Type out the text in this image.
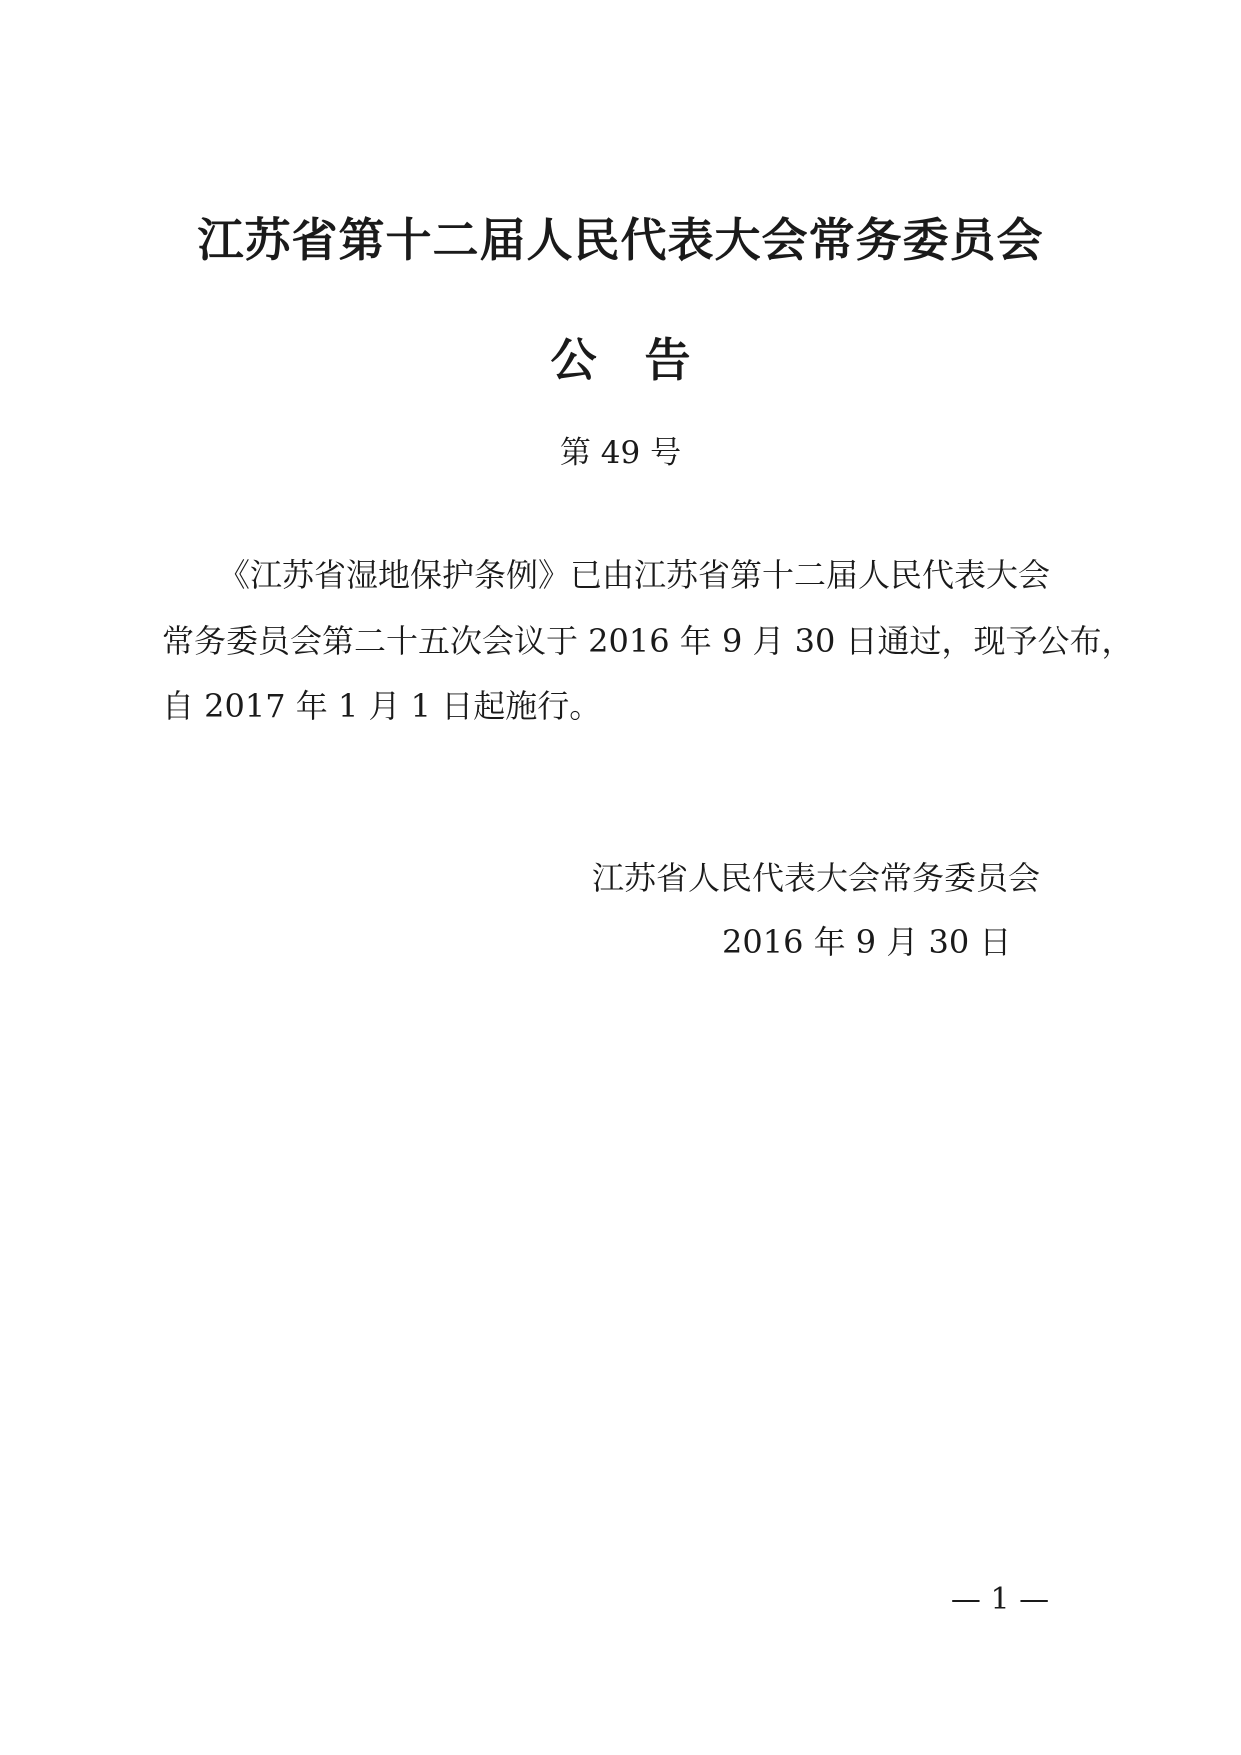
江苏省第十二届人民代表大会常务委员会
公告
第 49 号
《江苏省湿地保护条例》已由江苏省第十二届人民代表大会
常务委员会第二十五次会议于 2016 年 9 月 30 日通过，现予公布，
自 2017 年 1 月 1 日起施行。
江苏省人民代表大会常务委员会
2016 年 9 月 30 日
— 1 —
